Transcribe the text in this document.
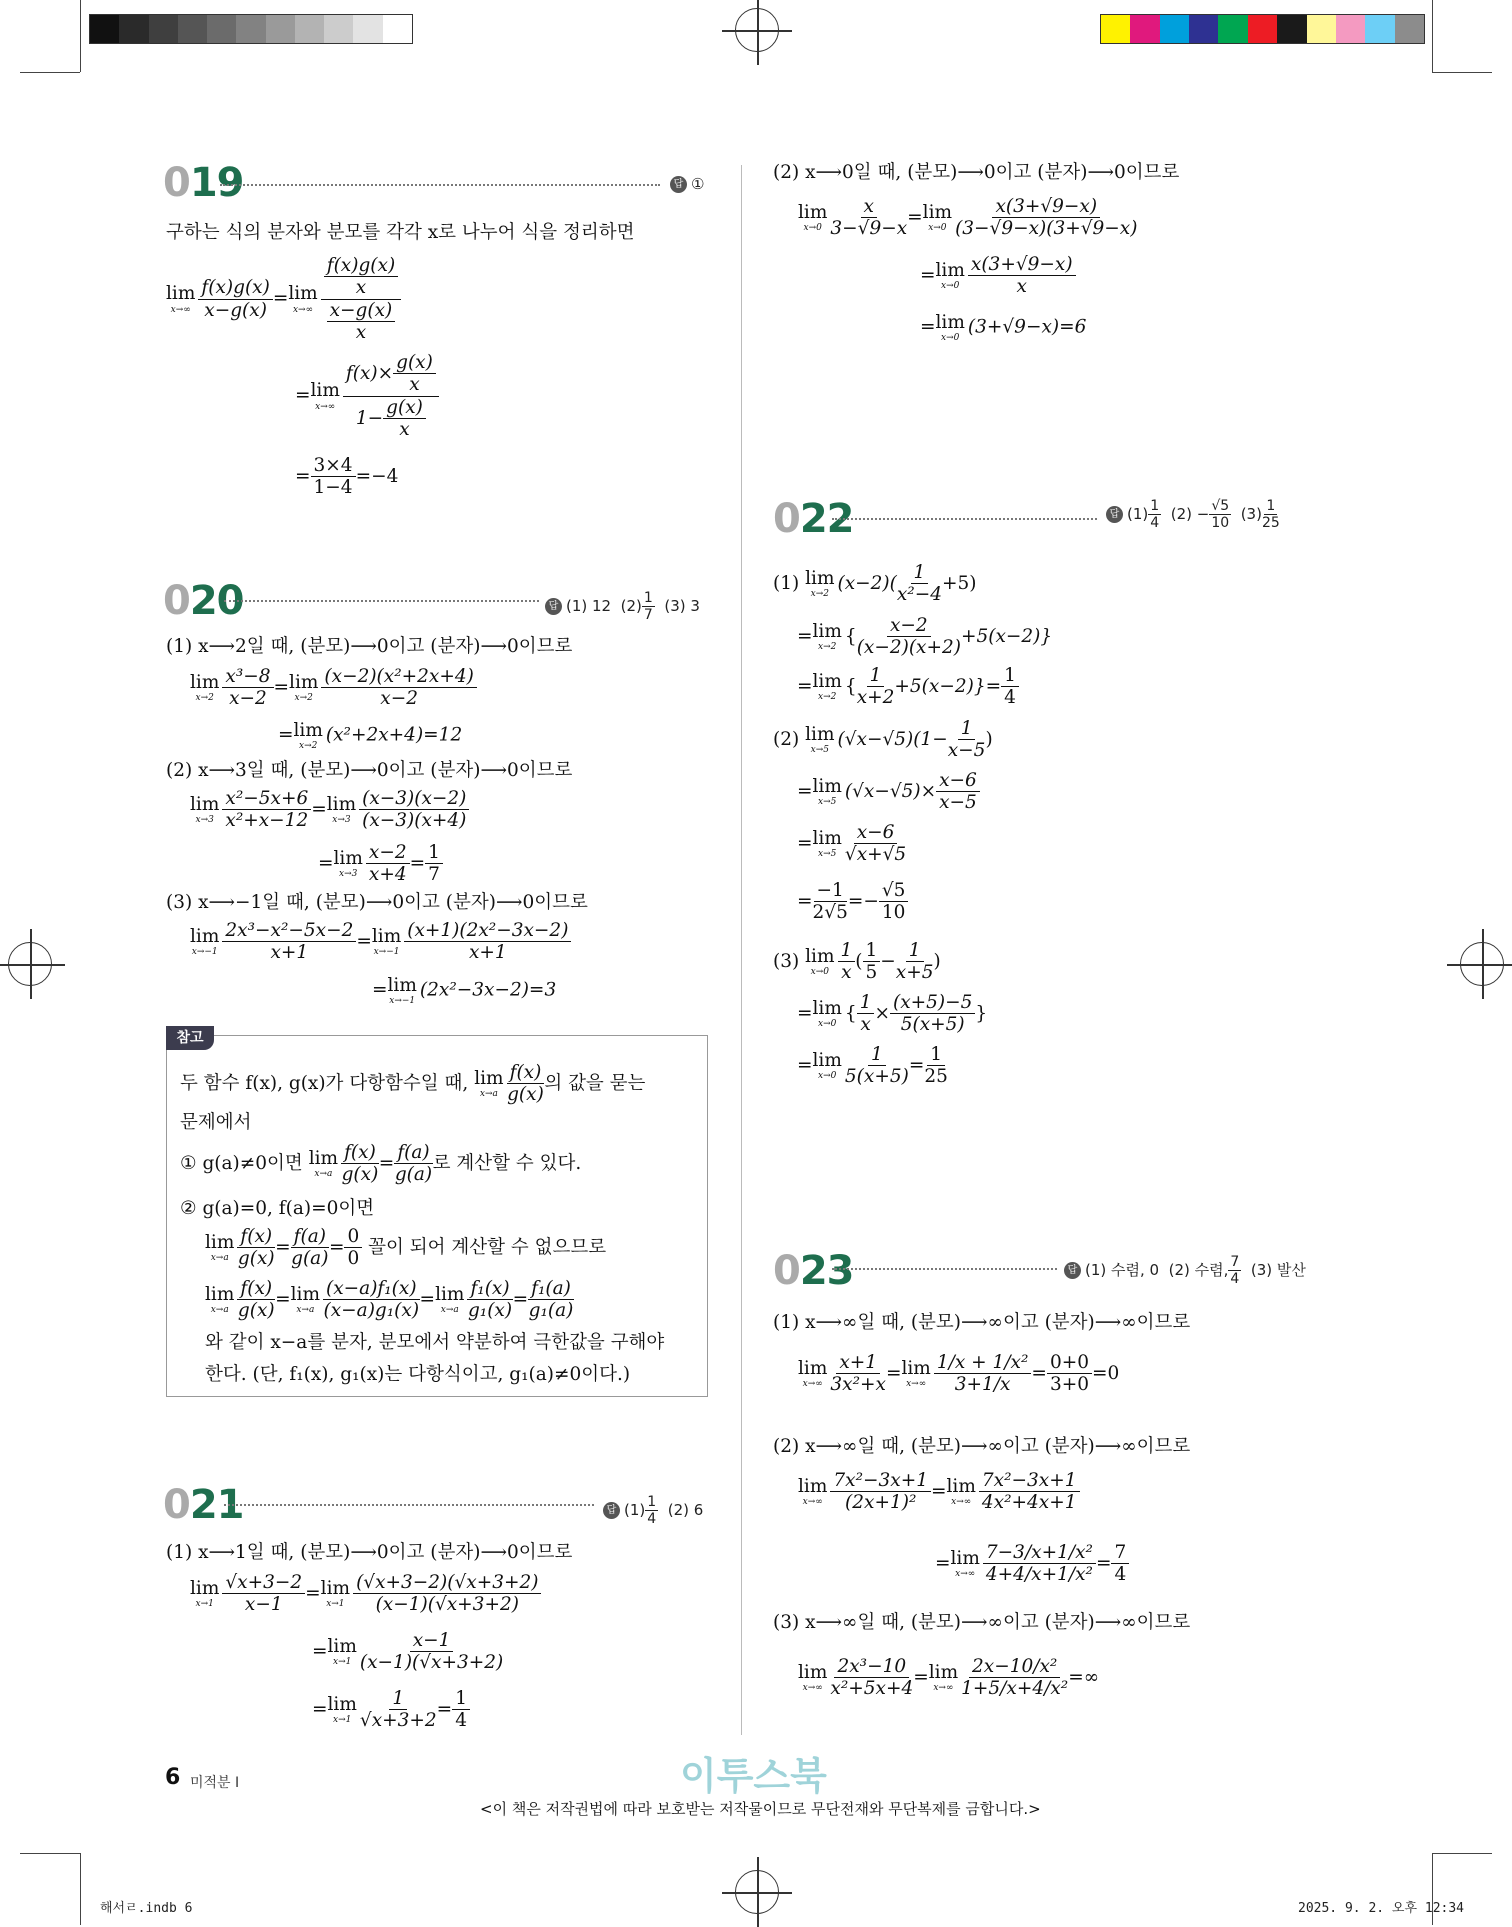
019	답 ①
구하는 식의 분자와 분모를 각각 x로 나누어 식을 정리하면
lim
$x\to\infty \frac{f(x)g(x)}{x-g(x)} = \lim$
$x\to\infty \frac{\frac{f(x)g(x)}{x}}{\frac{x-g(x)}{x}}$
= lim
$x\to\infty \frac{f(x)\times \frac{g(x)}{x}}{1- \frac{g(x)}{x}}$
= $\frac{3\times 4}{1-4} =-4$
020	답 (1) 12 $(2) \frac{1}{7} (3)$ 3
(1) x⟶2일 때, (분모)⟶0이고 (분자)⟶0이므로
lim
$x\to 2 \frac{\text{x³−8}}{x-2} = \lim$
$x\to 2 \frac{\text{(x−2)(x²+2x+4)}}{x-2}$
= lim
x→2
(x²+2x+4)=12
(2) x⟶3일 때, (분모)⟶0이고 (분자)⟶0이므로
lim
$x\to 3 \frac{\text{x²−5x+6}}{\text{x²+x−12}} = \lim$
$x\to 3 \frac{(x-3)(x-2)}{(x-3)(x+4)}$
= lim
$x\to 3 \frac{x-2}{x+4} = \frac{1}{7}$
(3) x⟶−1일 때, (분모)⟶0이고 (분자)⟶0이므로
lim
$x\to-1 \frac{\text{2x³−x²−5x−2}}{x+1} = \lim$
$x\to-1 \frac{\text{(x+1)(2x²−3x−2)}}{x+1}$
= lim
x→−1
(2x²−3x−2)=3
참고
두 함수 f(x), g(x)가 다항함수일 때, lim
$x\to a \frac{f(x)}{g(x)}$ 의 값을 묻는
문제에서
① g(a)≠0이면 lim
$x\to a \frac{f(x)}{g(x)} = \frac{f(a)}{g(a)}$ 로 계산할 수 있다.
② g(a)=0, f(a)=0이면
lim
$x\to a \frac{f(x)}{g(x)} = \frac{f(a)}{g(a)} = \frac{0}{0}$ 꼴이 되어 계산할 수 없으므로
lim
$x\to a \frac{f(x)}{g(x)} = \lim$
$x\to a \frac{\text{(x−a)f₁(x)}}{\text{(x−a)g₁(x)}} = \lim$
$x\to a \frac{\text{f₁(x)}}{\text{g₁(x)}} = \frac{\text{f₁(a)}}{\text{g₁(a)}}$
와 같이 x−a를 분자, 분모에서 약분하여 극한값을 구해야
한다. (단, f₁(x), g₁(x)는 다항식이고, g₁(a)≠0이다.)
021	답 $(1) \frac{1}{4} (2)$ 6
(1) x⟶1일 때, (분모)⟶0이고 (분자)⟶0이므로
lim
$x\to 1 \frac{√x+3-2}{x-1} = \lim$
$x\to 1 \frac{(√x+3-2)(√x+3+2)}{(x-1)(√x+3+2)}$
= lim
$x\to 1 \frac{x-1}{(x-1)(√x+3+2)}$
= lim
$x\to 1 \frac{1}{√x+3+2} = \frac{1}{4}$
(2) x⟶0일 때, (분모)⟶0이고 (분자)⟶0이므로
lim
$x\to 0 \frac{x}{3-√9-x} = \lim$
$x\to 0 \frac{x(3+√9-x)}{(3-√9-x)(3+√9-x)}$
= lim
$x\to 0 \frac{x(3+√9-x)}{x}$
= lim
x→0
(3+√9−x)=6
022	답 $(1) \frac{1}{4} (2) - \frac{√5}{10} (3) \frac{1}{25}$
(1) lim
x→2
$(x-2)( \frac{1}{\text{x²−4}} +5)$
= lim
x→2
{ $\frac{x-2}{(x-2)(x+2)} +5(x-2)$}
= lim
x→2
{ $\frac{1}{x+2} +5(x-2)\}= \frac{1}{4}$
(2) lim
x→5
$(√x-√5)(1- \frac{1}{x-5}$ )
= lim
x→5
$(√x-√5)\times \frac{x-6}{x-5}$
= lim
$x\to 5 \frac{x-6}{√x+√5}$
= $\frac{-1}{2√5} =- \frac{√5}{10}$
(3) lim
$x\to 0 \frac{1}{x}$ ( $\frac{1}{5} - \frac{1}{x+5}$ )
= lim
x→0
{ $\frac{1}{x} \times \frac{(x+5)-5}{5(x+5)}$ }
= lim
$x\to 0 \frac{1}{5(x+5)} = \frac{1}{25}$
023	답 (1) 수렴, 0 (2) 수렴, $\frac{7}{4} (3)$ 발산
(1) x⟶∞일 때, (분모)⟶∞이고 (분자)⟶∞이므로
lim
$x\to\infty \frac{x+1}{\text{3x²+x}} = \lim$
$x\to\infty \frac{\text{1/x + 1/x²}}{3+1/x} = \frac{0+0}{3+0} =0$
(2) x⟶∞일 때, (분모)⟶∞이고 (분자)⟶∞이므로
lim
$x\to\infty \frac{\text{7x²−3x+1}}{\text{(2x+1)²}} = \lim$
$x\to\infty \frac{\text{7x²−3x+1}}{\text{4x²+4x+1}}$
= lim
$x\to\infty \frac{\text{7−3/x+1/x²}}{\text{4+4/x+1/x²}} = \frac{7}{4}$
(3) x⟶∞일 때, (분모)⟶∞이고 (분자)⟶∞이므로
lim
$x\to\infty \frac{\text{2x³−10}}{\text{x²+5x+4}} = \lim$
$x\to\infty \frac{\text{2x−10/x²}}{\text{1+5/x+4/x²}}$ =∞
6 미적분 I	이투스북
<이 책은 저작권법에 따라 보호받는 저작물이므로 무단전재와 무단복제를 금합니다.>
해서ㄹ.indb 6	2025. 9. 2. 오후 12:34
